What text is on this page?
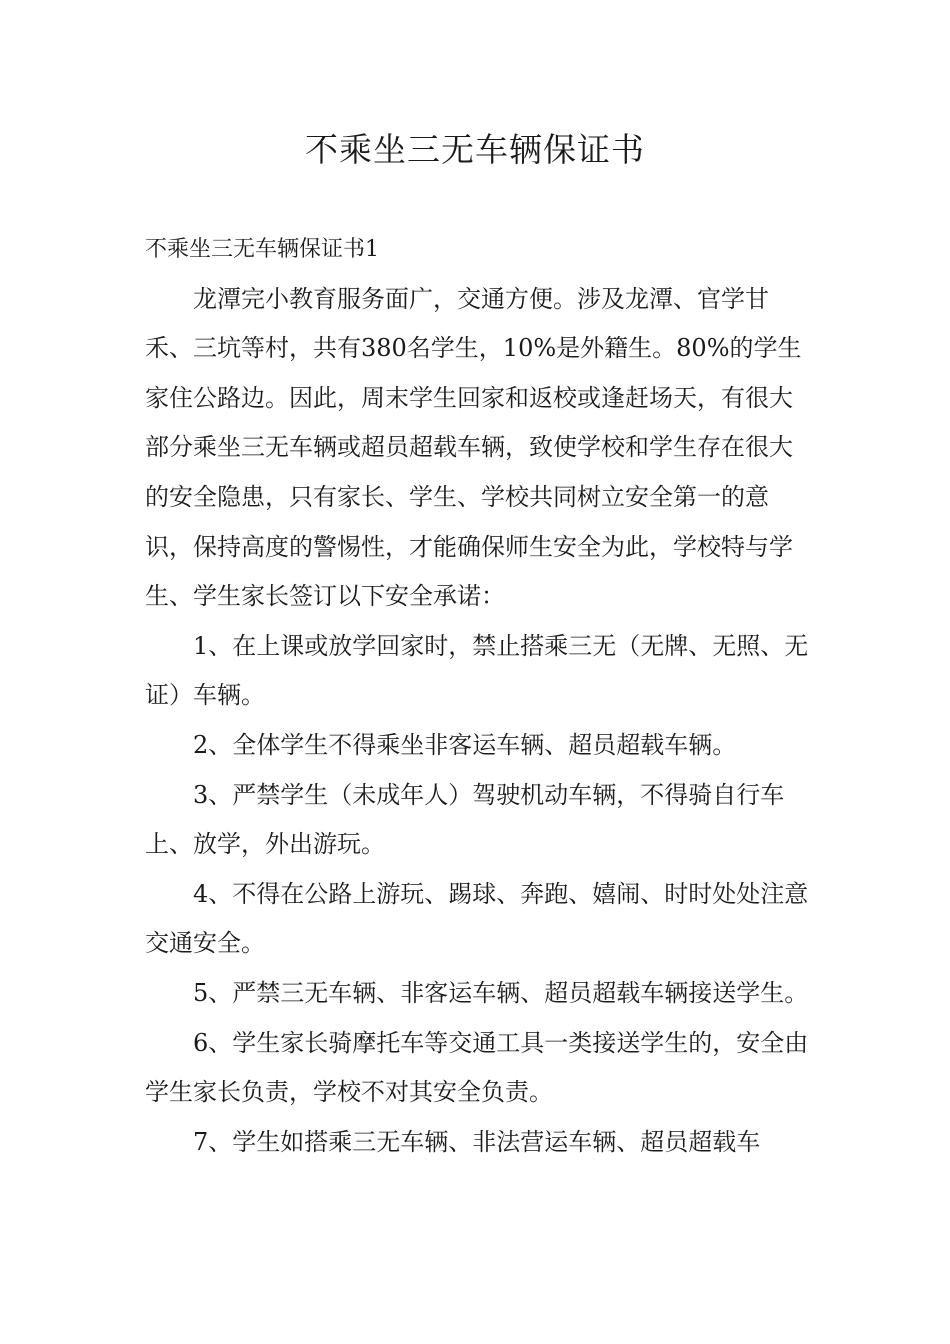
不乘坐三无车辆保证书

不乘坐三无车辆保证书1

龙潭完小教育服务面广，交通方便。涉及龙潭、官学甘禾、三坑等村，共有380名学生，10%是外籍生。80%的学生家住公路边。因此，周末学生回家和返校或逢赶场天，有很大部分乘坐三无车辆或超员超载车辆，致使学校和学生存在很大的安全隐患，只有家长、学生、学校共同树立安全第一的意识，保持高度的警惕性，才能确保师生安全为此，学校特与学生、学生家长签订以下安全承诺：

1、在上课或放学回家时，禁止搭乘三无（无牌、无照、无证）车辆。

2、全体学生不得乘坐非客运车辆、超员超载车辆。

3、严禁学生（未成年人）驾驶机动车辆，不得骑自行车上、放学，外出游玩。

4、不得在公路上游玩、踢球、奔跑、嬉闹、时时处处注意交通安全。

5、严禁三无车辆、非客运车辆、超员超载车辆接送学生。

6、学生家长骑摩托车等交通工具一类接送学生的，安全由学生家长负责，学校不对其安全负责。

7、学生如搭乘三无车辆、非法营运车辆、超员超载车
